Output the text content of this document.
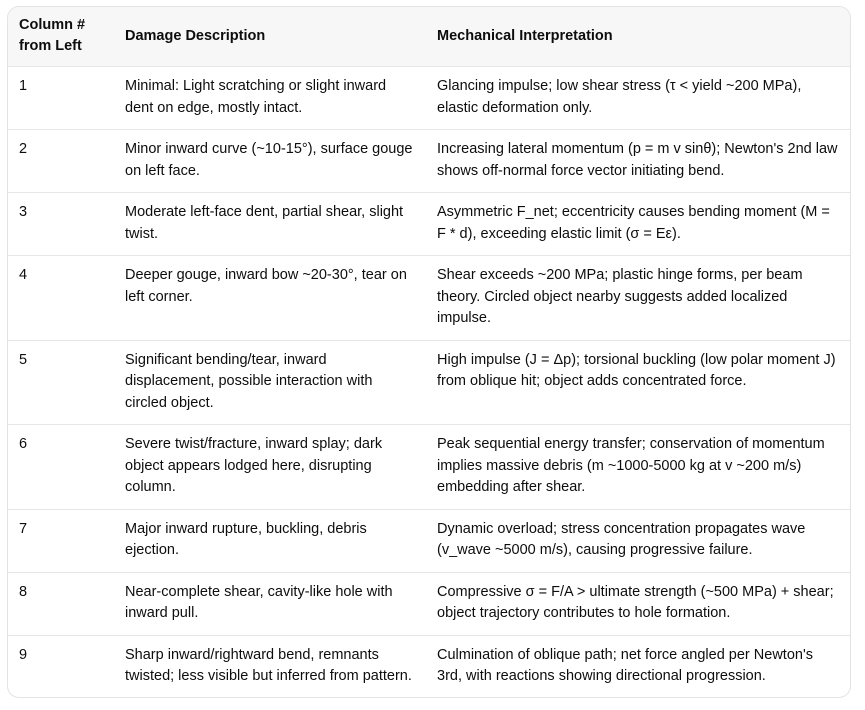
Column #
from Left	Damage Description	Mechanical Interpretation
1	Minimal: Light scratching or slight inward dent on edge, mostly intact.	Glancing impulse; low shear stress (τ < yield ~200 MPa), elastic deformation only.
2	Minor inward curve (~10-15°), surface gouge on left face.	Increasing lateral momentum (p = m v sinθ); Newton's 2nd law shows off-normal force vector initiating bend.
3	Moderate left-face dent, partial shear, slight twist.	Asymmetric F_net; eccentricity causes bending moment (M = F * d), exceeding elastic limit (σ = Eε).
4	Deeper gouge, inward bow ~20-30°, tear on left corner.	Shear exceeds ~200 MPa; plastic hinge forms, per beam theory. Circled object nearby suggests added localized impulse.
5	Significant bending/tear, inward displacement, possible interaction with circled object.	High impulse (J = Δp); torsional buckling (low polar moment J) from oblique hit; object adds concentrated force.
6	Severe twist/fracture, inward splay; dark object appears lodged here, disrupting column.	Peak sequential energy transfer; conservation of momentum implies massive debris (m ~1000-5000 kg at v ~200 m/s) embedding after shear.
7	Major inward rupture, buckling, debris ejection.	Dynamic overload; stress concentration propagates wave (v_wave ~5000 m/s), causing progressive failure.
8	Near-complete shear, cavity-like hole with inward pull.	Compressive σ = F/A > ultimate strength (~500 MPa) + shear; object trajectory contributes to hole formation.
9	Sharp inward/rightward bend, remnants twisted; less visible but inferred from pattern.	Culmination of oblique path; net force angled per Newton's 3rd, with reactions showing directional progression.
